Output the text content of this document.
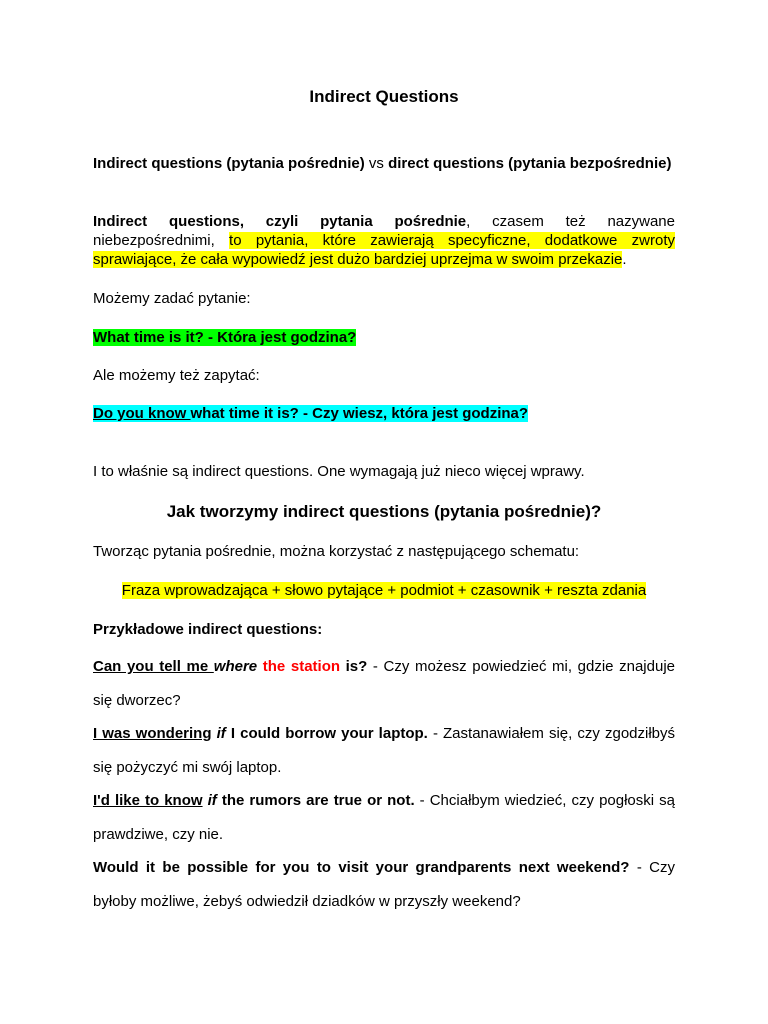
Indirect Questions

Indirect questions (pytania pośrednie) vs direct questions (pytania bezpośrednie)

Indirect questions, czyli pytania pośrednie, czasem też nazywane niebezpośrednimi, to pytania, które zawierają specyficzne, dodatkowe zwroty sprawiające, że cała wypowiedź jest dużo bardziej uprzejma w swoim przekazie.

Możemy zadać pytanie:

What time is it? - Która jest godzina?

Ale możemy też zapytać:

Do you know what time it is? - Czy wiesz, która jest godzina?

I to właśnie są indirect questions. One wymagają już nieco więcej wprawy.

Jak tworzymy indirect questions (pytania pośrednie)?

Tworząc pytania pośrednie, można korzystać z następującego schematu:

Fraza wprowadzająca + słowo pytające + podmiot + czasownik + reszta zdania

Przykładowe indirect questions:

Can you tell me where the station is? - Czy możesz powiedzieć mi, gdzie znajduje się dworzec?

I was wondering if I could borrow your laptop. - Zastanawiałem się, czy zgodziłbyś się pożyczyć mi swój laptop.

I'd like to know if the rumors are true or not. - Chciałbym wiedzieć, czy pogłoski są prawdziwe, czy nie.

Would it be possible for you to visit your grandparents next weekend? - Czy byłoby możliwe, żebyś odwiedził dziadków w przyszły weekend?
